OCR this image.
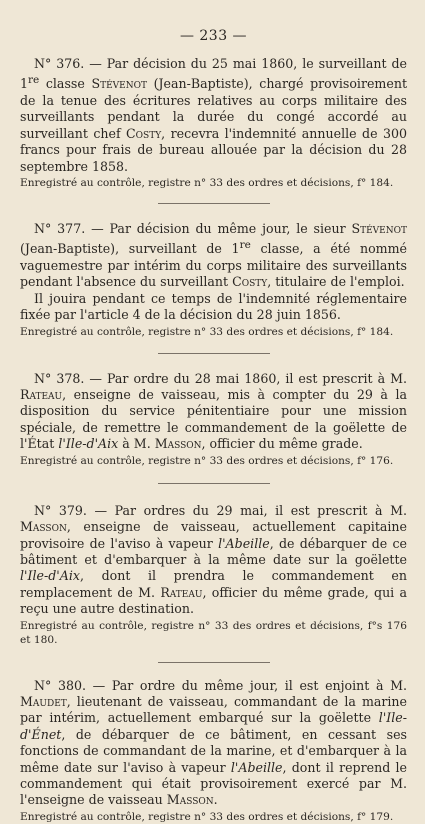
— 233 —

N° 376. — Par décision du 25 mai 1860, le surveillant de 1re classe Stévenot (Jean-Baptiste), chargé provisoirement de la tenue des écritures relatives au corps militaire des surveillants pendant la durée du congé accordé au surveillant chef Costy, recevra l'indemnité annuelle de 300 francs pour frais de bureau allouée par la décision du 28 septembre 1858.

Enregistré au contrôle, registre n° 33 des ordres et décisions, f° 184.

N° 377. — Par décision du même jour, le sieur Stévenot (Jean-Baptiste), surveillant de 1re classe, a été nommé vaguemestre par intérim du corps militaire des surveillants pendant l'absence du surveillant Costy, titulaire de l'emploi.

Il jouira pendant ce temps de l'indemnité réglementaire fixée par l'article 4 de la décision du 28 juin 1856.

Enregistré au contrôle, registre n° 33 des ordres et décisions, f° 184.

N° 378. — Par ordre du 28 mai 1860, il est prescrit à M. Rateau, enseigne de vaisseau, mis à compter du 29 à la disposition du service pénitentiaire pour une mission spéciale, de remettre le commandement de la goëlette de l'État l'Ile-d'Aix à M. Masson, officier du même grade.

Enregistré au contrôle, registre n° 33 des ordres et décisions, f° 176.

N° 379. — Par ordres du 29 mai, il est prescrit à M. Masson, enseigne de vaisseau, actuellement capitaine provisoire de l'aviso à vapeur l'Abeille, de débarquer de ce bâtiment et d'embarquer à la même date sur la goëlette l'Ile-d'Aix, dont il prendra le commandement en remplacement de M. Rateau, officier du même grade, qui a reçu une autre destination.

Enregistré au contrôle, registre n° 33 des ordres et décisions, f°s 176 et 180.

N° 380. — Par ordre du même jour, il est enjoint à M. Maudet, lieutenant de vaisseau, commandant de la marine par intérim, actuellement embarqué sur la goëlette l'Ile-d'Énet, de débarquer de ce bâtiment, en cessant ses fonctions de commandant de la marine, et d'embarquer à la même date sur l'aviso à vapeur l'Abeille, dont il reprend le commandement qui était provisoirement exercé par M. l'enseigne de vaisseau Masson.

Enregistré au contrôle, registre n° 33 des ordres et décisions, f° 179.
